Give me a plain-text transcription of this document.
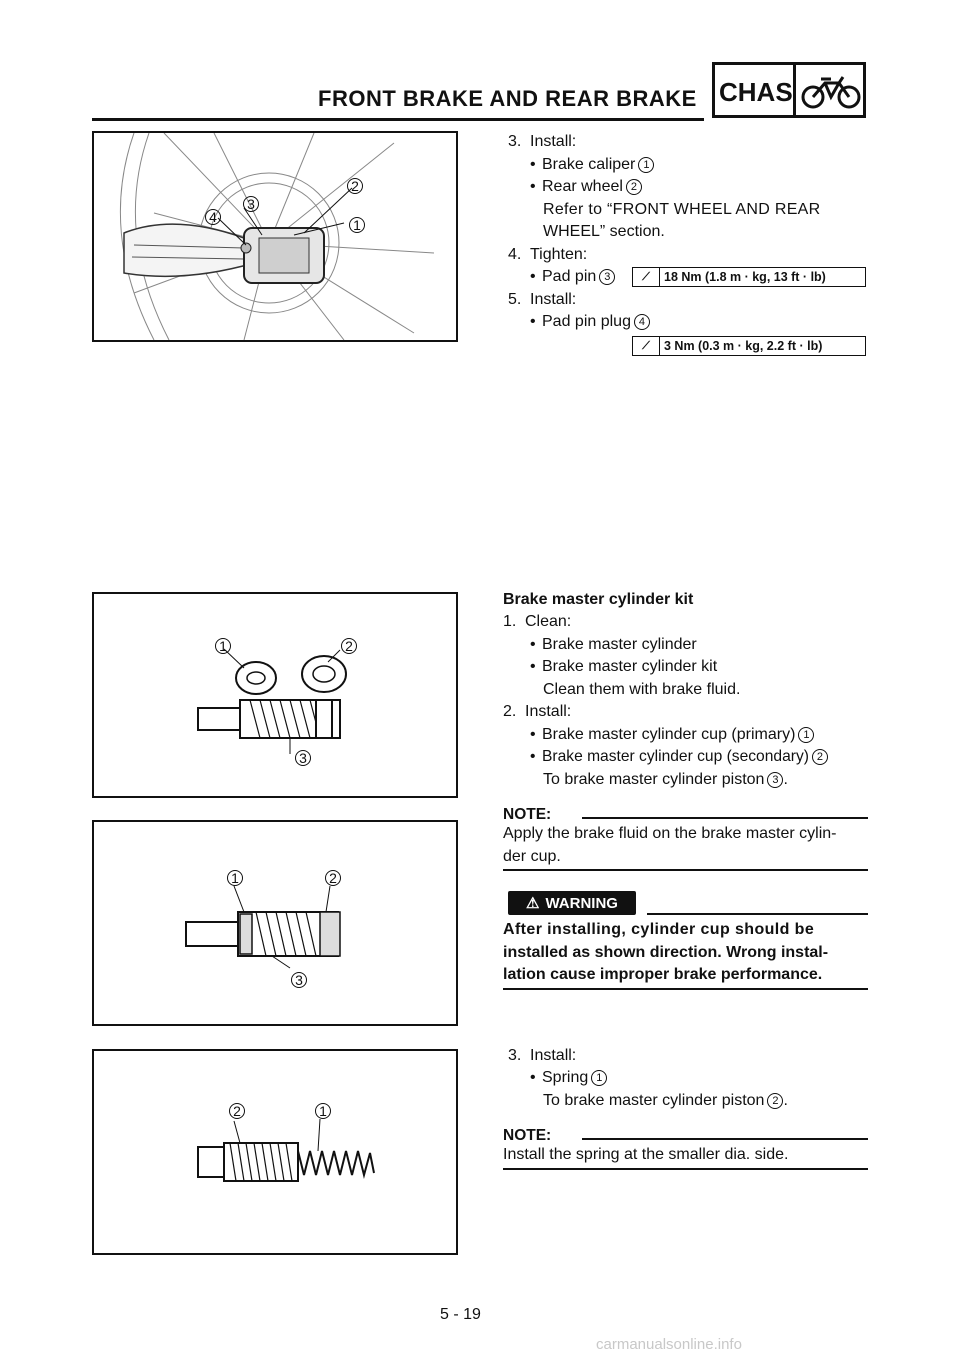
FRONT BRAKE AND REAR BRAKE CHAS
1
2
3
4
3. Install:
• Brake caliper 1
• Rear wheel 2
Refer to “FRONT WHEEL AND REAR
WHEEL” section.
4. Tighten:
• Pad pin 3	⟋	18 Nm (1.8 m · kg, 13 ft · lb)
5. Install:
• Pad pin plug 4
⟋	3 Nm (0.3 m · kg, 2.2 ft · lb)
1	2
3
Brake master cylinder kit
1. Clean:
• Brake master cylinder
• Brake master cylinder kit
Clean them with brake fluid.
2. Install:
• Brake master cylinder cup (primary) 1
• Brake master cylinder cup (secondary) 2
To brake master cylinder piston 3 .
NOTE:
Apply the brake fluid on the brake master cylin-
der cup.
⚠ WARNING
After installing, cylinder cup should be
installed as shown direction. Wrong instal-
lation cause improper brake performance.
1	2
3
2	1
3. Install:
• Spring 1
To brake master cylinder piston 2 .
NOTE:
Install the spring at the smaller dia. side.
5 - 19
carmanualsonline.info
